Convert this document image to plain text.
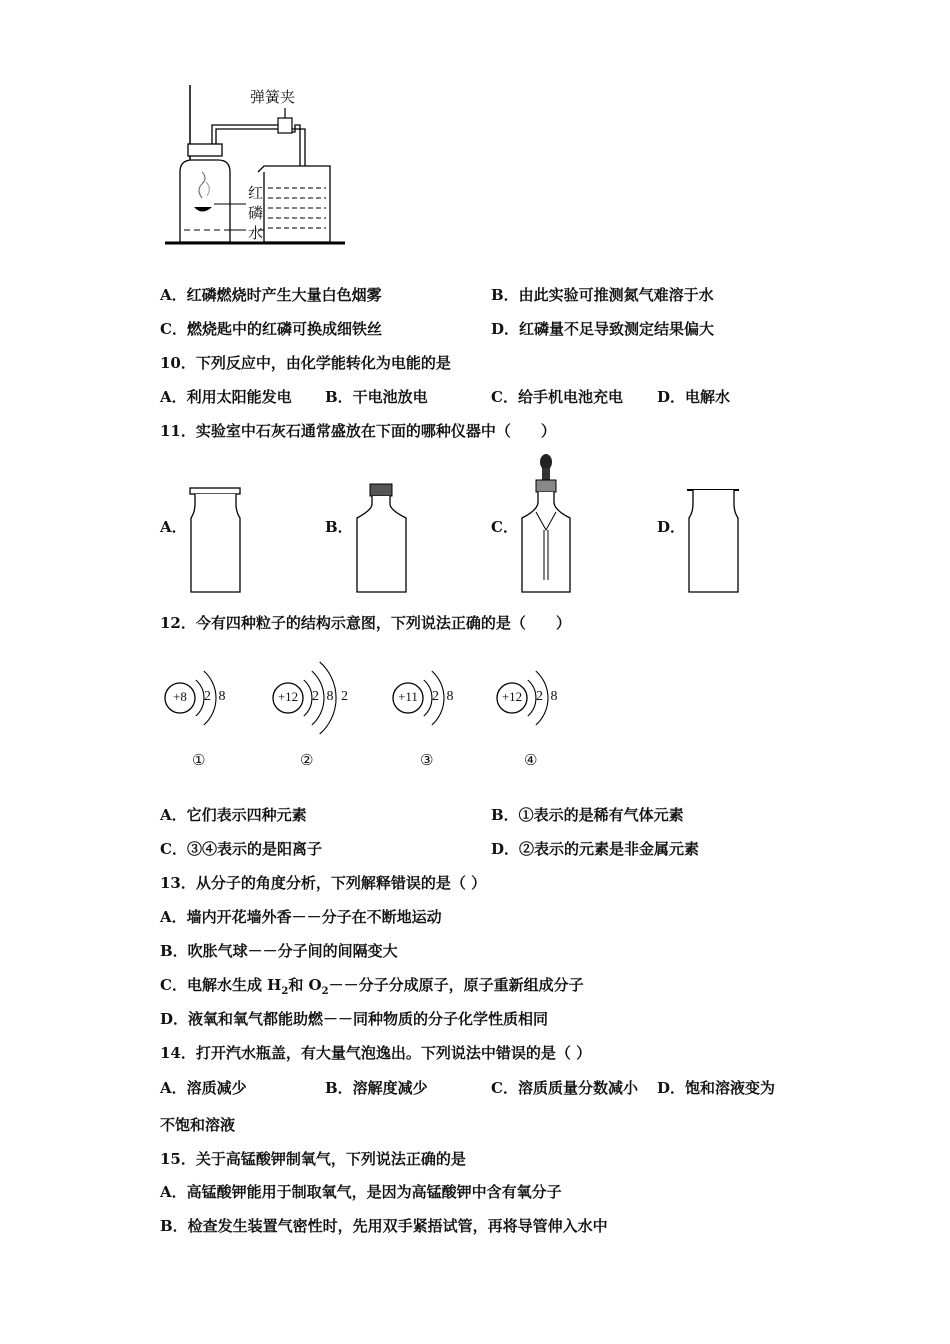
弹簧夹
红
磷
水
A．红磷燃烧时产生大量白色烟雾	B．由此实验可推测氮气难溶于水
C．燃烧匙中的红磷可换成细铁丝	D．红磷量不足导致测定结果偏大
10．下列反应中，由化学能转化为电能的是
A．利用太阳能发电 B．干电池放电	C．给手机电池充电 D．电解水
11．实验室中石灰石通常盛放在下面的哪种仪器中（　　）
A．	B．	C．	D．
12．今有四种粒子的结构示意图，下列说法正确的是（　　）
+8	2 8
①
+12 2 8 2
②
+11	2 8
③
+12 2 8
④
A．它们表示四种元素	B．①表示的是稀有气体元素
C．③④表示的是阳离子	D．②表示的元素是非金属元素
13．从分子的角度分析，下列解释错误的是（ ）
A．墙内开花墙外香－－分子在不断地运动
B．吹胀气球－－分子间的间隔变大
C．电解水生成 $H_2$和 $O_2--$分子分成原子，原子重新组成分子
D．液氧和氧气都能助燃－－同种物质的分子化学性质相同
14．打开汽水瓶盖，有大量气泡逸出。下列说法中错误的是（ ）
A．溶质减少	B．溶解度减少	C．溶质质量分数减小 D．饱和溶液变为
不饱和溶液
15．关于高锰酸钾制氧气，下列说法正确的是
A．高锰酸钾能用于制取氧气，是因为高锰酸钾中含有氧分子
B．检查发生装置气密性时，先用双手紧捂试管，再将导管伸入水中
